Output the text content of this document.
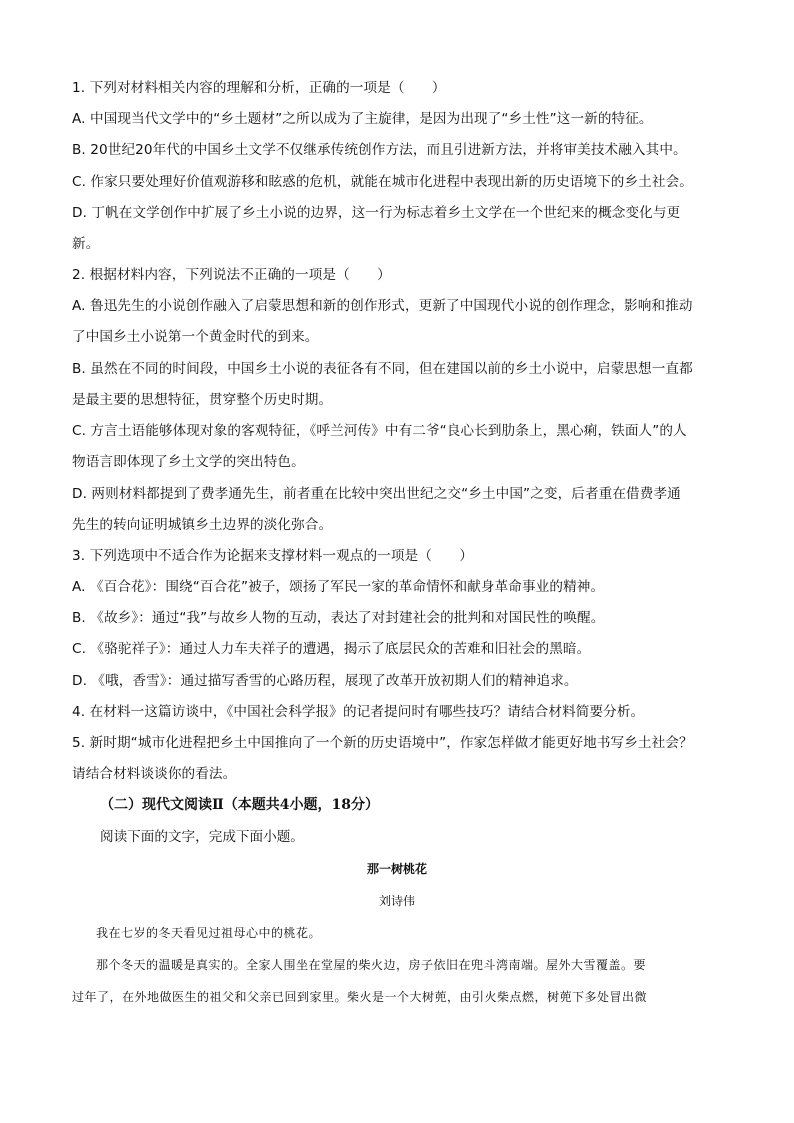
1. 下列对材料相关内容的理解和分析，正确的一项是（　　）
A. 中国现当代文学中的“乡土题材”之所以成为了主旋律，是因为出现了“乡土性”这一新的特征。
B. 20世纪20年代的中国乡土文学不仅继承传统创作方法，而且引进新方法，并将审美技术融入其中。
C. 作家只要处理好价值观游移和眩惑的危机，就能在城市化进程中表现出新的历史语境下的乡土社会。
D. 丁帆在文学创作中扩展了乡土小说的边界，这一行为标志着乡土文学在一个世纪来的概念变化与更
新。
2. 根据材料内容，下列说法不正确的一项是（　　）
A. 鲁迅先生的小说创作融入了启蒙思想和新的创作形式，更新了中国现代小说的创作理念，影响和推动
了中国乡土小说第一个黄金时代的到来。
B. 虽然在不同的时间段，中国乡土小说的表征各有不同，但在建国以前的乡土小说中，启蒙思想一直都
是最主要的思想特征，贯穿整个历史时期。
C. 方言土语能够体现对象的客观特征，《呼兰河传》中有二爷“良心长到肋条上，黑心痢，铁面人”的人
物语言即体现了乡土文学的突出特色。
D. 两则材料都提到了费孝通先生，前者重在比较中突出世纪之交“乡土中国”之变，后者重在借费孝通
先生的转向证明城镇乡土边界的淡化弥合。
3. 下列选项中不适合作为论据来支撑材料一观点的一项是（　　）
A. 《百合花》：围绕“百合花”被子，颂扬了军民一家的革命情怀和献身革命事业的精神。
B. 《故乡》：通过“我”与故乡人物的互动，表达了对封建社会的批判和对国民性的唤醒。
C. 《骆驼祥子》：通过人力车夫祥子的遭遇，揭示了底层民众的苦难和旧社会的黑暗。
D. 《哦，香雪》：通过描写香雪的心路历程，展现了改革开放初期人们的精神追求。
4. 在材料一这篇访谈中，《中国社会科学报》的记者提问时有哪些技巧？请结合材料简要分析。
5. 新时期“城市化进程把乡土中国推向了一个新的历史语境中”，作家怎样做才能更好地书写乡土社会？
请结合材料谈谈你的看法。
（二）现代文阅读Ⅱ（本题共4小题，18分）
阅读下面的文字，完成下面小题。
那一树桃花
刘诗伟
我在七岁的冬天看见过祖母心中的桃花。
那个冬天的温暖是真实的。全家人围坐在堂屋的柴火边，房子依旧在兜斗湾南端。屋外大雪覆盖。要
过年了，在外地做医生的祖父和父亲已回到家里。柴火是一个大树蔸，由引火柴点燃，树蔸下多处冒出微
